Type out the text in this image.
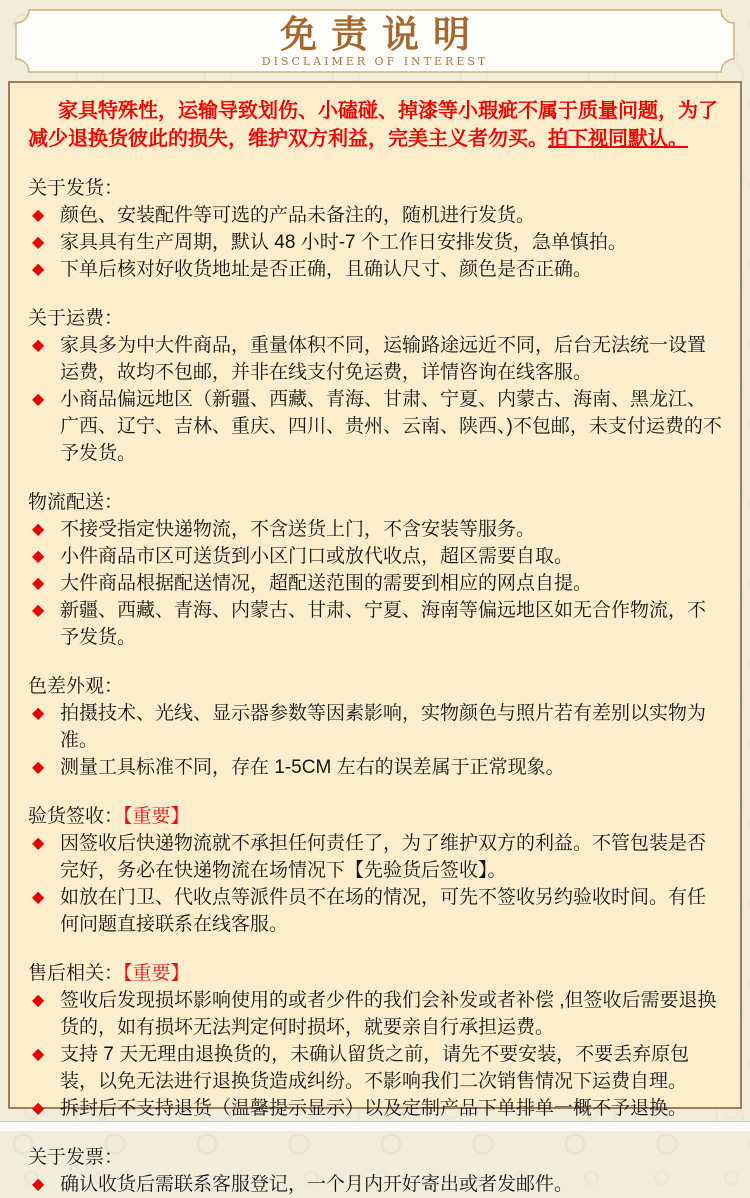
免责说明
DISCLAIMER OF INTEREST

家具特殊性，运输导致划伤、小磕碰、掉漆等小瑕疵不属于质量问题，为了减少退换货彼此的损失，维护双方利益，完美主义者勿买。拍下视同默认。

关于发货：
◆ 颜色、安装配件等可选的产品未备注的，随机进行发货。
◆ 家具具有生产周期，默认 48 小时-7 个工作日安排发货，急单慎拍。
◆ 下单后核对好收货地址是否正确，且确认尺寸、颜色是否正确。
关于运费：
◆ 家具多为中大件商品，重量体积不同，运输路途远近不同，后台无法统一设置运费，故均不包邮，并非在线支付免运费，详情咨询在线客服。
◆ 小商品偏远地区（新疆、西藏、青海、甘肃、宁夏、内蒙古、海南、黑龙江、广西、辽宁、吉林、重庆、四川、贵州、云南、陕西、)不包邮，未支付运费的不予发货。
物流配送：
◆ 不接受指定快递物流，不含送货上门，不含安装等服务。
◆ 小件商品市区可送货到小区门口或放代收点，超区需要自取。
◆ 大件商品根据配送情况，超配送范围的需要到相应的网点自提。
◆ 新疆、西藏、青海、内蒙古、甘肃、宁夏、海南等偏远地区如无合作物流，不予发货。
色差外观：
◆ 拍摄技术、光线、显示器参数等因素影响，实物颜色与照片若有差别以实物为准。
◆ 测量工具标准不同，存在 1-5CM 左右的误差属于正常现象。
验货签收：【重要】
◆ 因签收后快递物流就不承担任何责任了，为了维护双方的利益。不管包装是否完好，务必在快递物流在场情况下【先验货后签收】。
◆ 如放在门卫、代收点等派件员不在场的情况，可先不签收另约验收时间。有任何问题直接联系在线客服。
售后相关：【重要】
◆ 签收后发现损坏影响使用的或者少件的我们会补发或者补偿 ,但签收后需要退换货的，如有损坏无法判定何时损坏，就要亲自行承担运费。
◆ 支持 7 天无理由退换货的，未确认留货之前，请先不要安装，不要丢弃原包装，以免无法进行退换货造成纠纷。不影响我们二次销售情况下运费自理。
◆ 拆封后不支持退货（温馨提示显示）以及定制产品下单排单一概不予退换。
关于发票：
◆ 确认收货后需联系客服登记，一个月内开好寄出或者发邮件。
